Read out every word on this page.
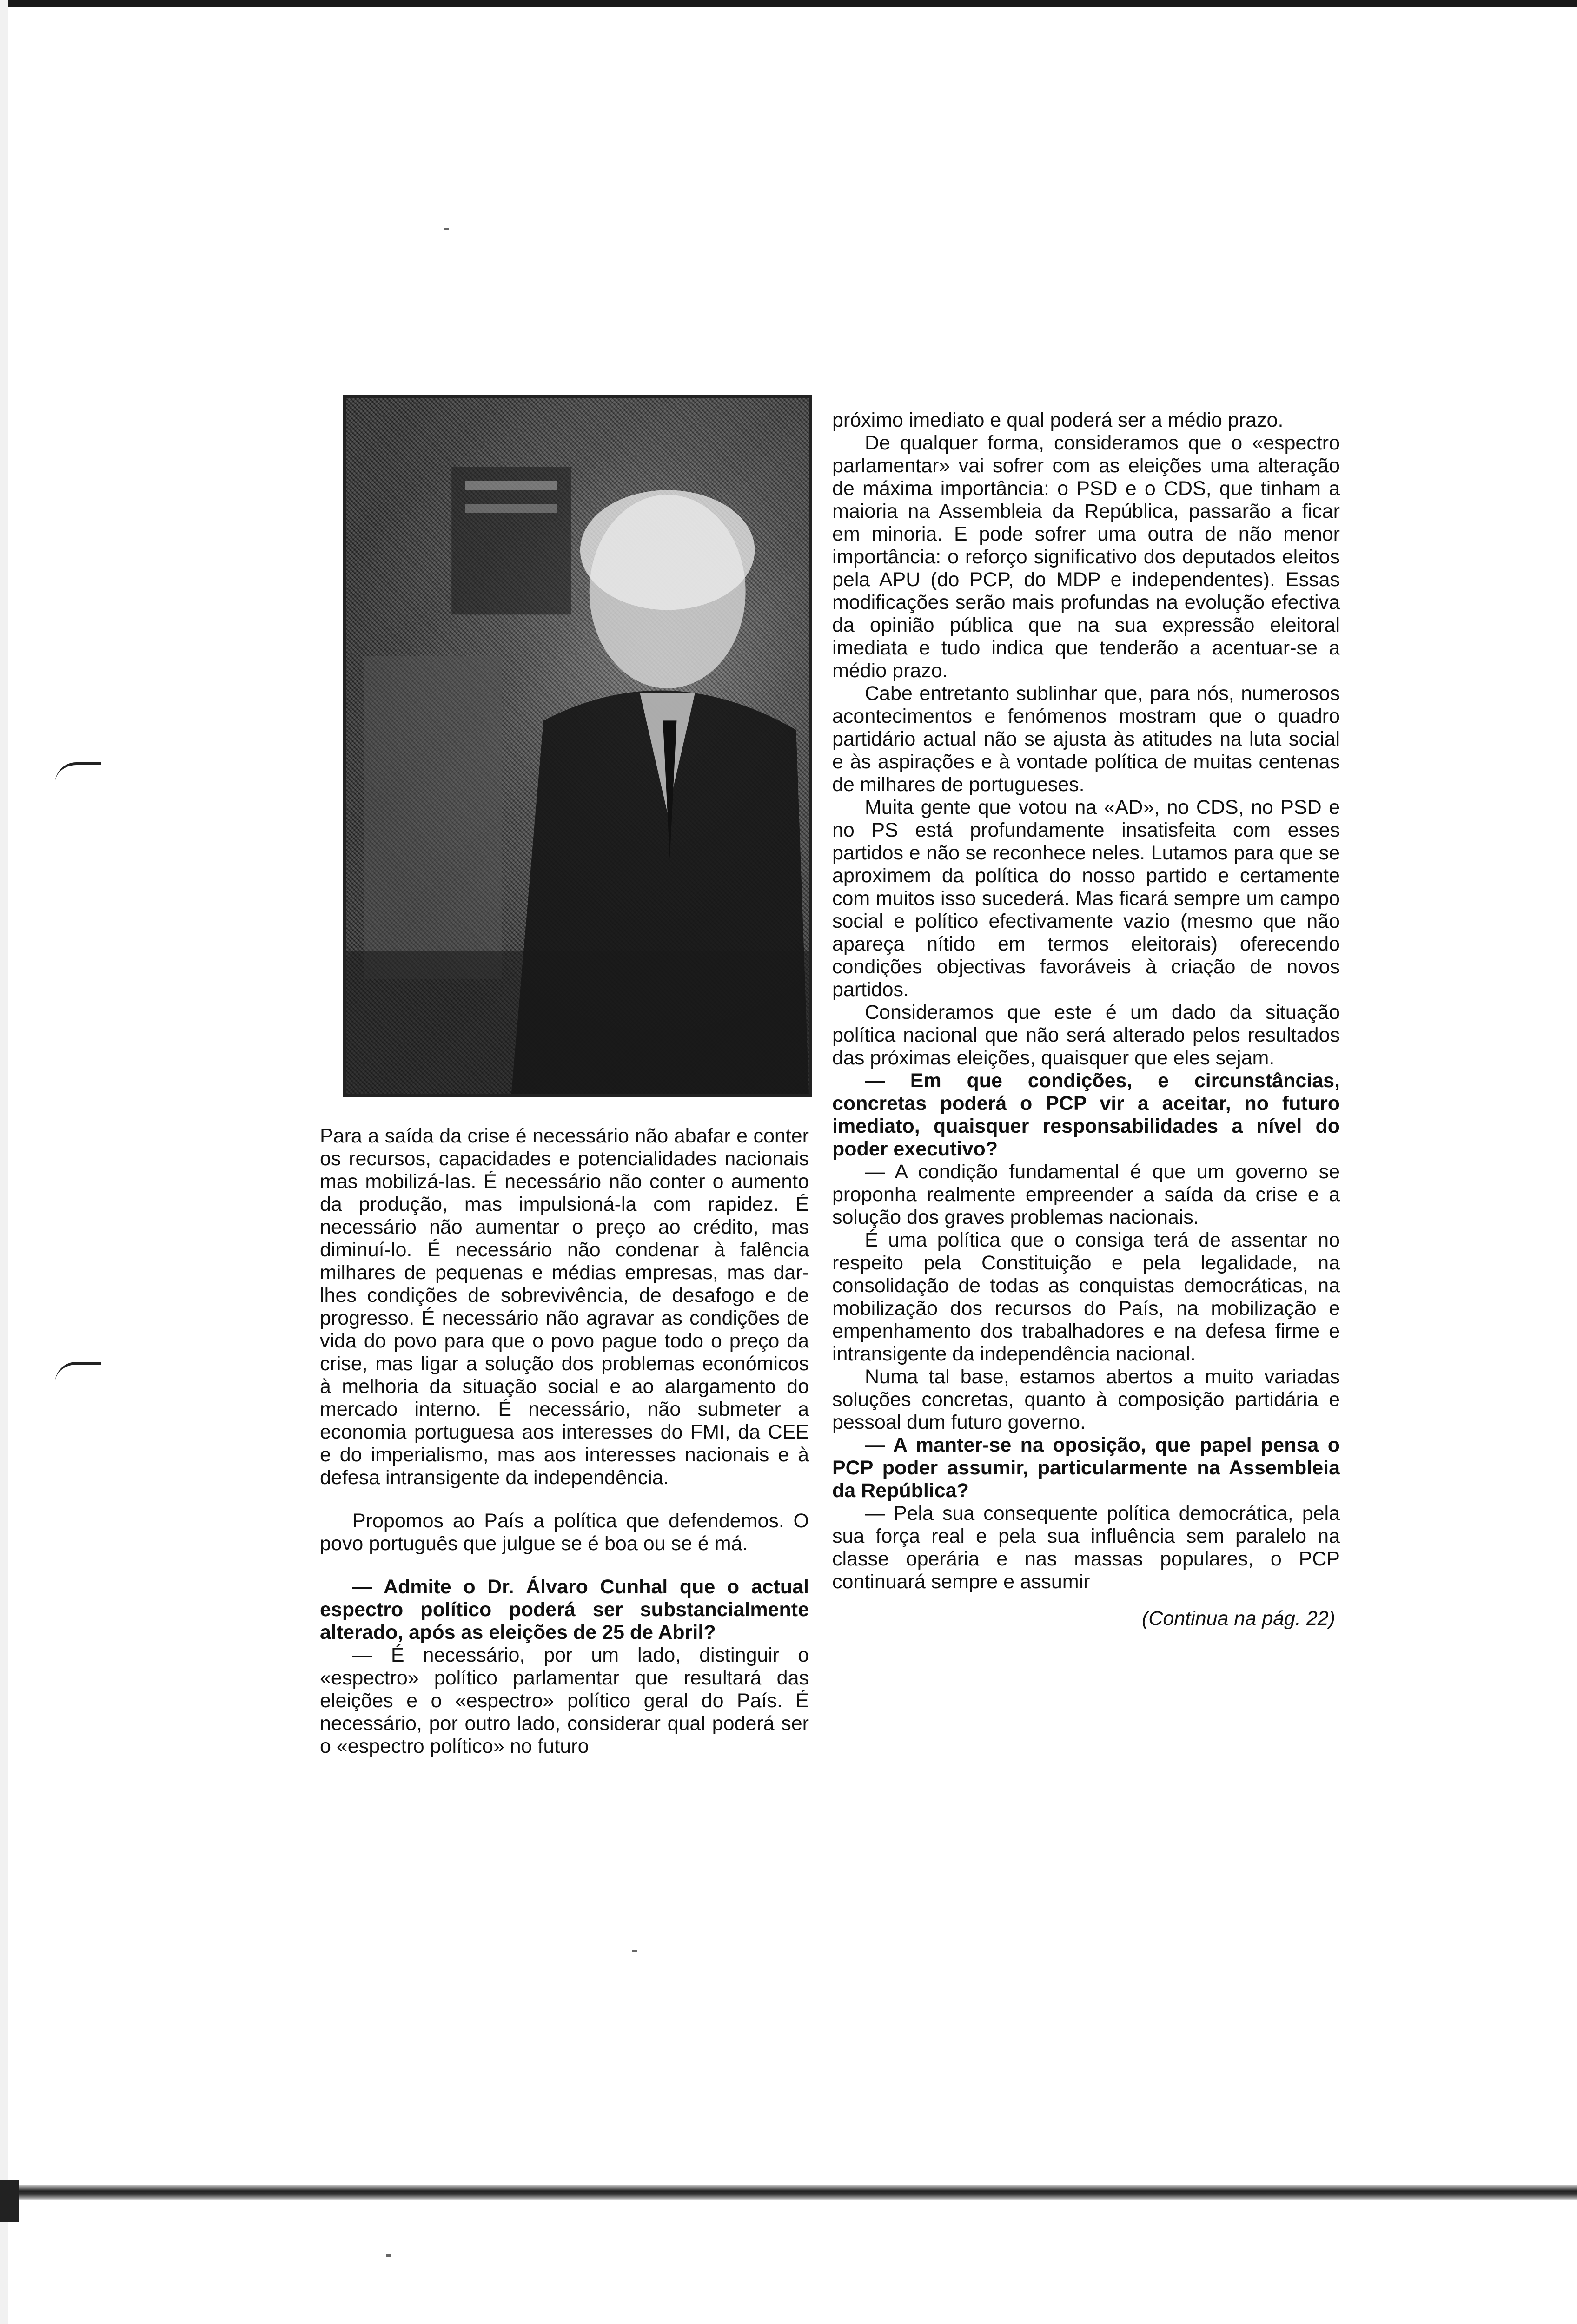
Para a saída da crise é necessário não abafar e conter os recursos, capacidades e potencialidades nacionais mas mobilizá-las. É necessário não conter o aumento da produção, mas impulsioná-la com rapidez. É necessário não aumentar o preço ao crédito, mas diminuí-lo. É necessário não condenar à falência milhares de pequenas e médias empresas, mas dar-lhes condições de sobrevivência, de desafogo e de progresso. É necessário não agravar as condições de vida do povo para que o povo pague todo o preço da crise, mas ligar a solução dos problemas económicos à melhoria da situação social e ao alargamento do mercado interno. É necessário, não submeter a economia portuguesa aos interesses do FMI, da CEE e do imperialismo, mas aos interesses nacionais e à defesa intransigente da independência.

Propomos ao País a política que defendemos. O povo português que julgue se é boa ou se é má.

— Admite o Dr. Álvaro Cunhal que o actual espectro político poderá ser substancialmente alterado, após as eleições de 25 de Abril?

— É necessário, por um lado, distinguir o «espectro» político parlamentar que resultará das eleições e o «espectro» político geral do País. É necessário, por outro lado, considerar qual poderá ser o «espectro político» no futuro

próximo imediato e qual poderá ser a médio prazo.

De qualquer forma, consideramos que o «espectro parlamentar» vai sofrer com as eleições uma alteração de máxima importância: o PSD e o CDS, que tinham a maioria na Assembleia da República, passarão a ficar em minoria. E pode sofrer uma outra de não menor importância: o reforço significativo dos deputados eleitos pela APU (do PCP, do MDP e independentes). Essas modificações serão mais profundas na evolução efectiva da opinião pública que na sua expressão eleitoral imediata e tudo indica que tenderão a acentuar-se a médio prazo.

Cabe entretanto sublinhar que, para nós, numerosos acontecimentos e fenómenos mostram que o quadro partidário actual não se ajusta às atitudes na luta social e às aspirações e à vontade política de muitas centenas de milhares de portugueses.

Muita gente que votou na «AD», no CDS, no PSD e no PS está profundamente insatisfeita com esses partidos e não se reconhece neles. Lutamos para que se aproximem da política do nosso partido e certamente com muitos isso sucederá. Mas ficará sempre um campo social e político efectivamente vazio (mesmo que não apareça nítido em termos eleitorais) oferecendo condições objectivas favoráveis à criação de novos partidos.

Consideramos que este é um dado da situação política nacional que não será alterado pelos resultados das próximas eleições, quaisquer que eles sejam.

— Em que condições, e circunstâncias, concretas poderá o PCP vir a aceitar, no futuro imediato, quaisquer responsabilidades a nível do poder executivo?

— A condição fundamental é que um governo se proponha realmente empreender a saída da crise e a solução dos graves problemas nacionais.

É uma política que o consiga terá de assentar no respeito pela Constituição e pela legalidade, na consolidação de todas as conquistas democráticas, na mobilização dos recursos do País, na mobilização e empenhamento dos trabalhadores e na defesa firme e intransigente da independência nacional.

Numa tal base, estamos abertos a muito variadas soluções concretas, quanto à composição partidária e pessoal dum futuro governo.

— A manter-se na oposição, que papel pensa o PCP poder assumir, particularmente na Assembleia da República?

— Pela sua consequente política democrática, pela sua força real e pela sua influência sem paralelo na classe operária e nas massas populares, o PCP continuará sempre e assumir

(Continua na pág. 22)
